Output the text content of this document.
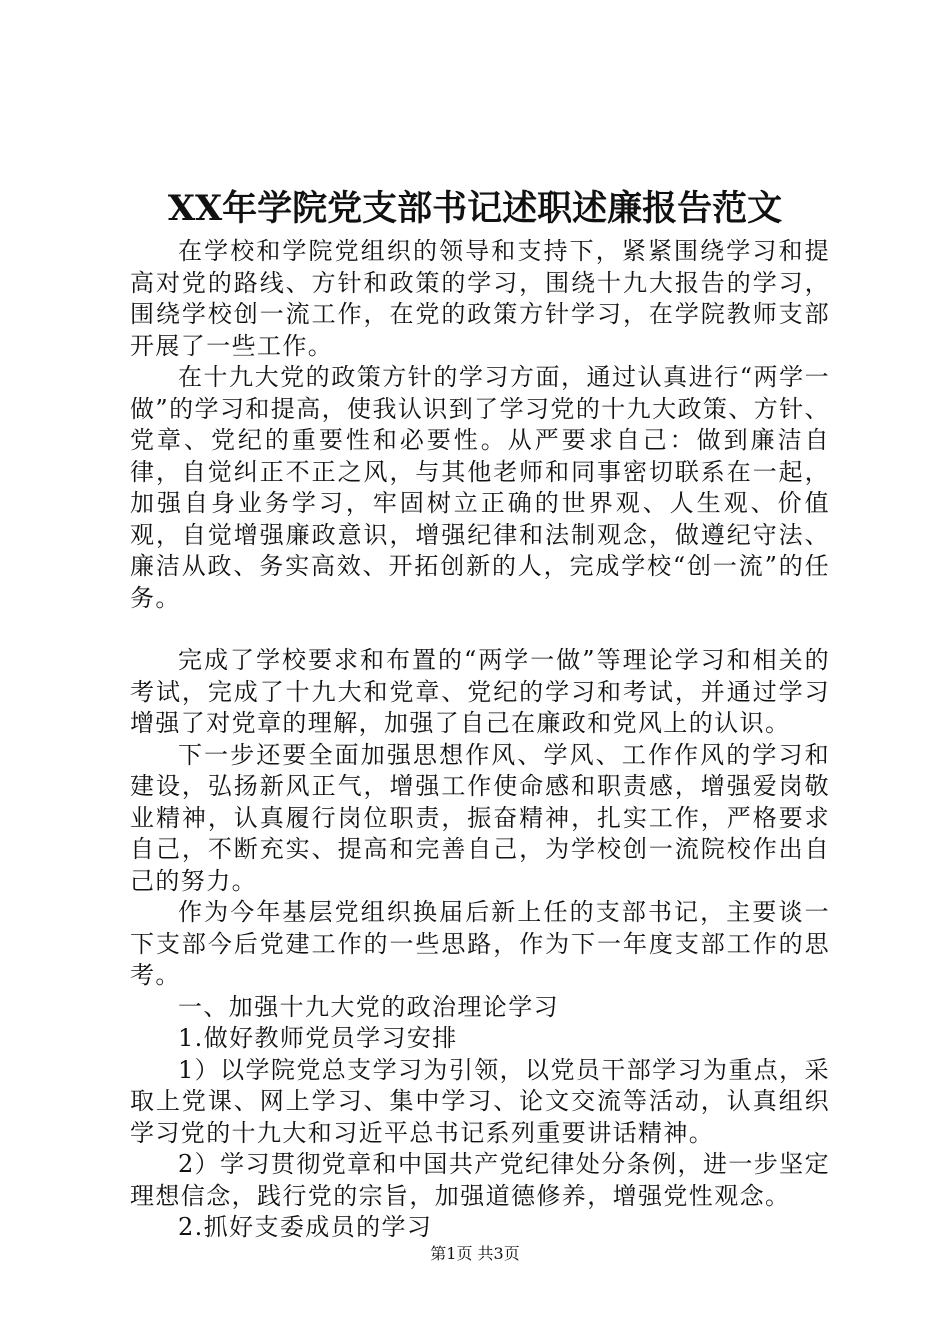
XX年学院党支部书记述职述廉报告范文

在学校和学院党组织的领导和支持下，紧紧围绕学习和提高对党的路线、方针和政策的学习，围绕十九大报告的学习，围绕学校创一流工作，在党的政策方针学习，在学院教师支部开展了一些工作。

在十九大党的政策方针的学习方面，通过认真进行“两学一做”的学习和提高，使我认识到了学习党的十九大政策、方针、党章、党纪的重要性和必要性。从严要求自己：做到廉洁自律，自觉纠正不正之风，与其他老师和同事密切联系在一起，加强自身业务学习，牢固树立正确的世界观、人生观、价值观，自觉增强廉政意识，增强纪律和法制观念，做遵纪守法、廉洁从政、务实高效、开拓创新的人，完成学校“创一流”的任务。

完成了学校要求和布置的“两学一做”等理论学习和相关的考试，完成了十九大和党章、党纪的学习和考试，并通过学习增强了对党章的理解，加强了自己在廉政和党风上的认识。

下一步还要全面加强思想作风、学风、工作作风的学习和建设，弘扬新风正气，增强工作使命感和职责感，增强爱岗敬业精神，认真履行岗位职责，振奋精神，扎实工作，严格要求自己，不断充实、提高和完善自己，为学校创一流院校作出自己的努力。

作为今年基层党组织换届后新上任的支部书记，主要谈一下支部今后党建工作的一些思路，作为下一年度支部工作的思考。

一、加强十九大党的政治理论学习

1.做好教师党员学习安排

1）以学院党总支学习为引领，以党员干部学习为重点，采取上党课、网上学习、集中学习、论文交流等活动，认真组织学习党的十九大和习近平总书记系列重要讲话精神。

2）学习贯彻党章和中国共产党纪律处分条例，进一步坚定理想信念，践行党的宗旨，加强道德修养，增强党性观念。

2.抓好支委成员的学习

第1页 共3页
